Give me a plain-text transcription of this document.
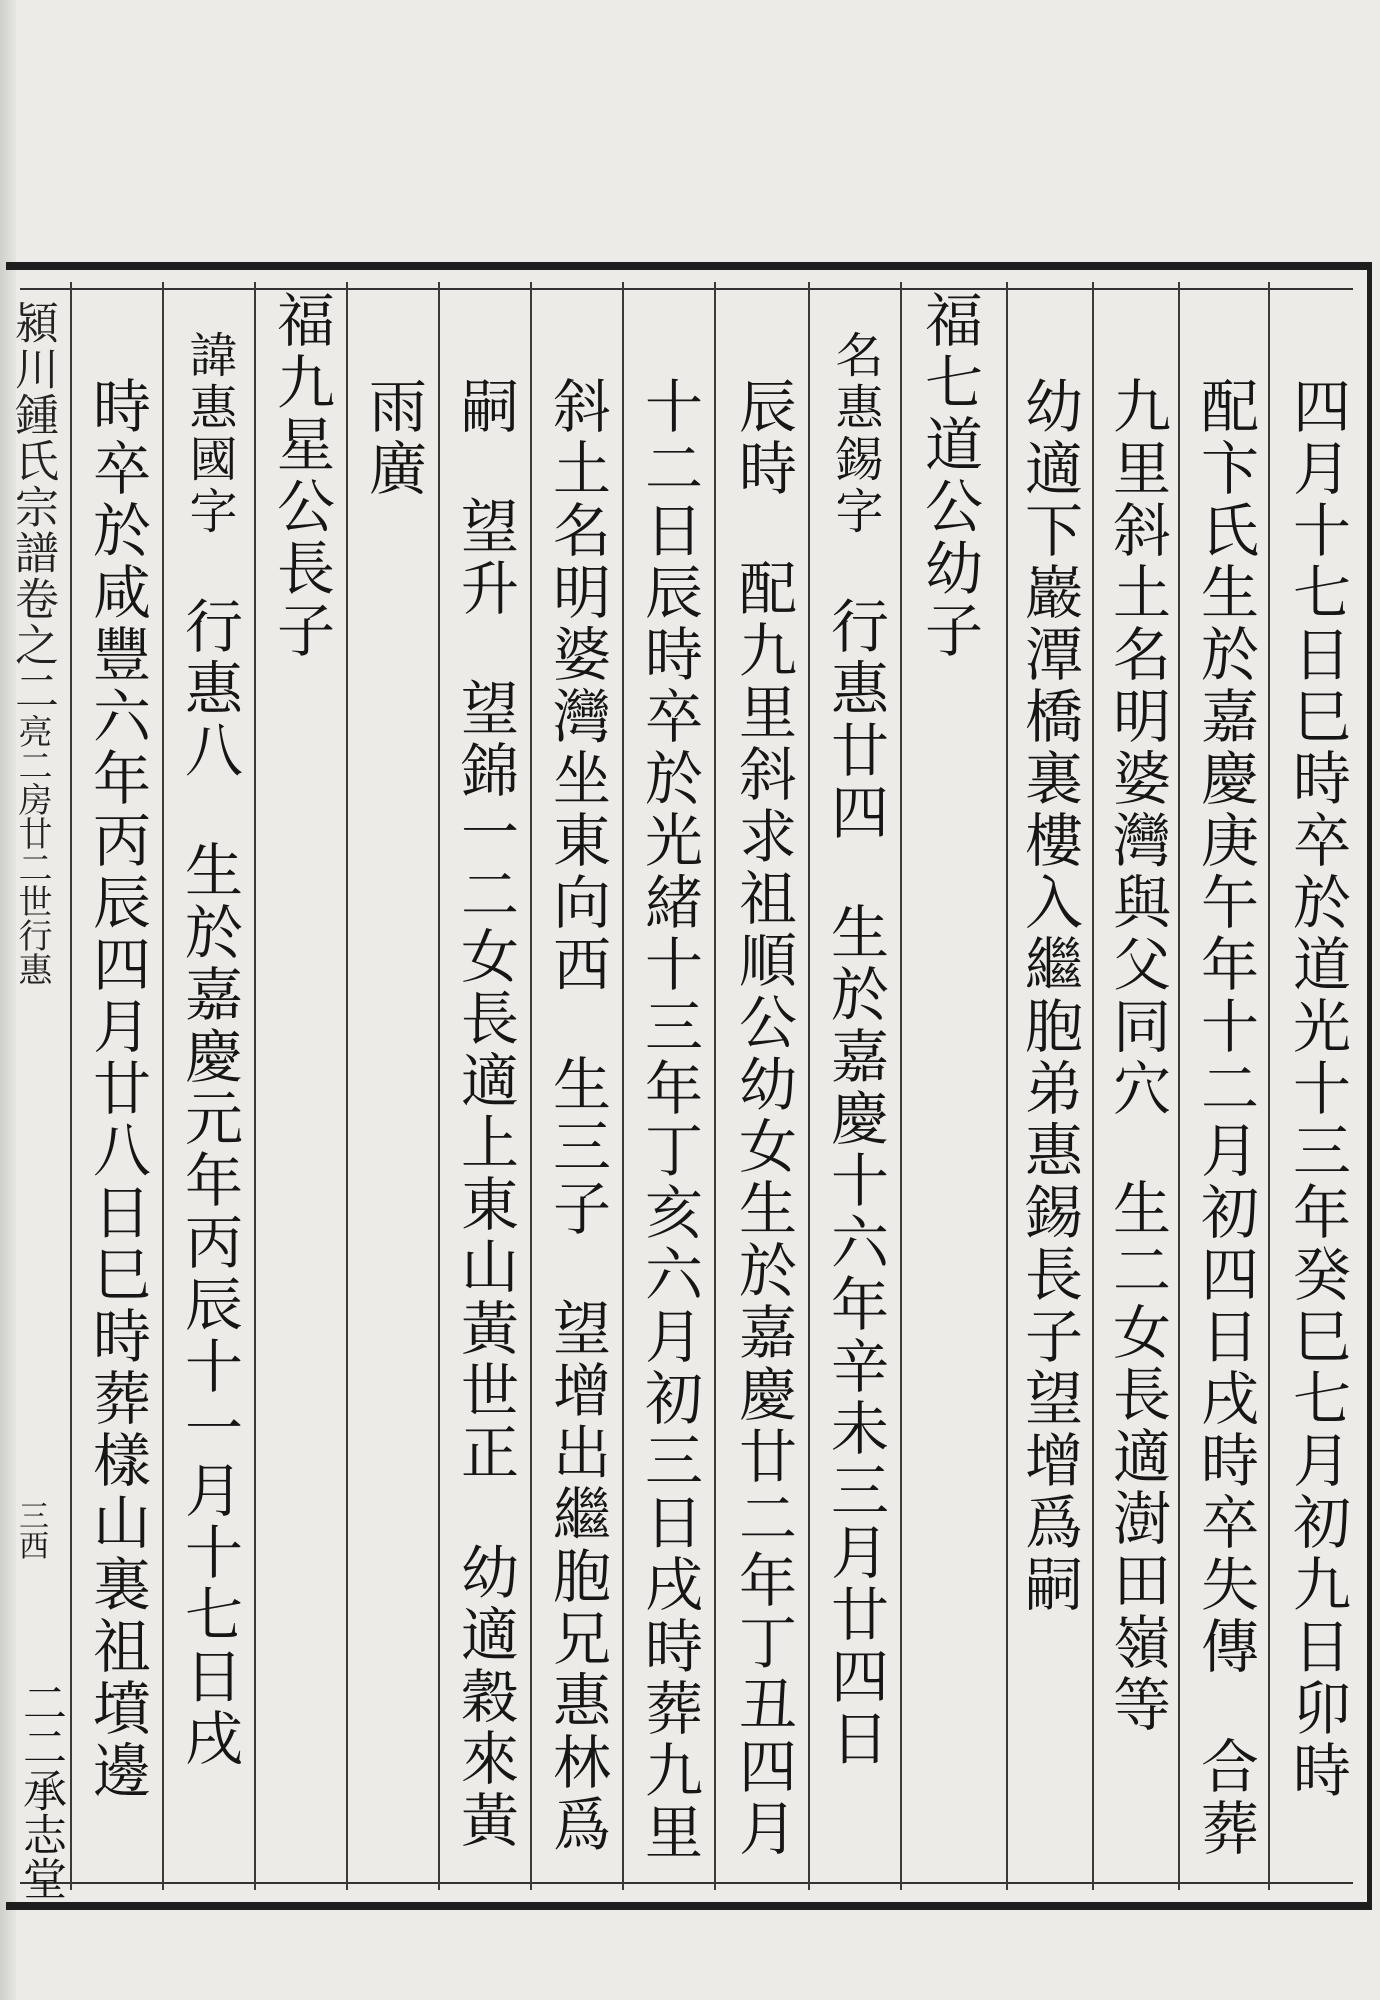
潁川鍾氏宗譜卷之二亮二房廿二世行惠
三西
二二承志堂	四月十七日巳時卒於道光十三年癸巳七月初九日卯時
配卞氏生於嘉慶庚午年十二月初四日戌時卒失傳合葬
九里斜土名明婆灣與父同穴生二女長適澍田嶺等
幼適下巖潭橋裏樓入繼胞弟惠錫長子望增爲嗣
福七道公幼子
名惠錫字行惠廿四生於嘉慶十六年辛未三月廿四日
辰時配九里斜求祖順公幼女生於嘉慶廿二年丁丑四月
十二日辰時卒於光緒十三年丁亥六月初三日戌時葬九里
斜土名明婆灣坐東向西生三子望增出繼胞兄惠林爲
嗣望升望錦一二女長適上東山黃世正幼適穀來黃
雨廣
福九星公長子
諱惠國字行惠八生於嘉慶元年丙辰十一月十七日戌
時卒於咸豐六年丙辰四月廿八日巳時葬樣山裏祖墳邊
